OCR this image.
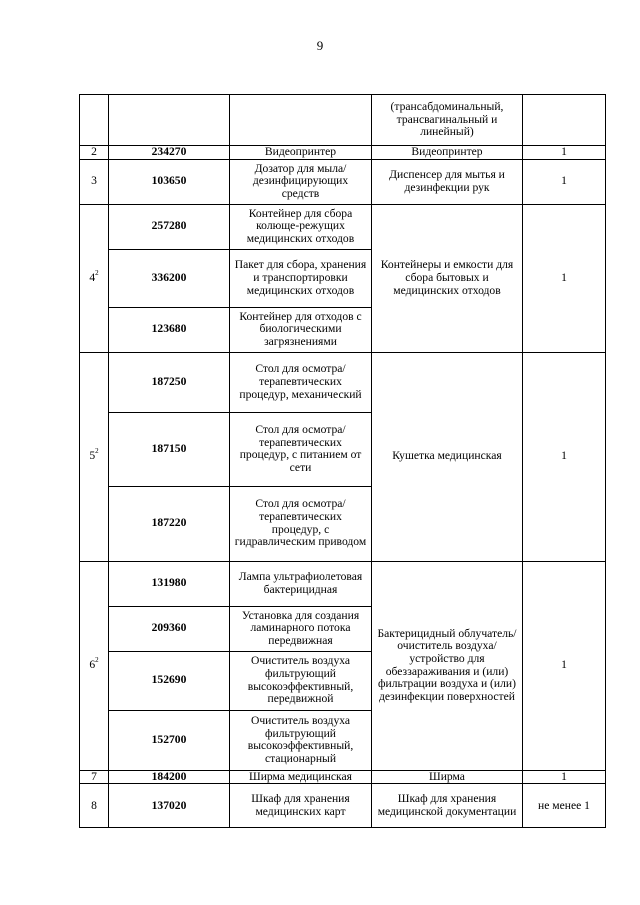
9
			(трансабдоминальный, трансвагинальный и линейный)	
2	234270	Видеопринтер	Видеопринтер	1
3	103650	Дозатор для мыла/ дезинфицирующих средств	Диспенсер для мытья и дезинфекции рук	1
$4^2$	257280	Контейнер для сбора колюще-режущих медицинских отходов	Контейнеры и емкости для сбора бытовых и медицинских отходов	1
	336200	Пакет для сбора, хранения и транспортировки медицинских отходов		
	123680	Контейнер для отходов с биологическими загрязнениями		
$5^2$	187250	Стол для осмотра/терапевтических процедур, механический	Кушетка медицинская	1
	187150	Стол для осмотра/терапевтических процедур, с питанием от сети		
	187220	Стол для осмотра/терапевтических процедур, с гидравлическим приводом		
$6^2$	131980	Лампа ультрафиолетовая бактерицидная	Бактерицидный облучатель/ очиститель воздуха/ устройство для обеззараживания и (или) фильтрации воздуха и (или) дезинфекции поверхностей	1
	209360	Установка для создания ламинарного потока передвижная		
	152690	Очиститель воздуха фильтрующий высокоэффективный, передвижной		
	152700	Очиститель воздуха фильтрующий высокоэффективный, стационарный		
7	184200	Ширма медицинская	Ширма	1
8	137020	Шкаф для хранения медицинских карт	Шкаф для хранения медицинской документации	не менее 1
